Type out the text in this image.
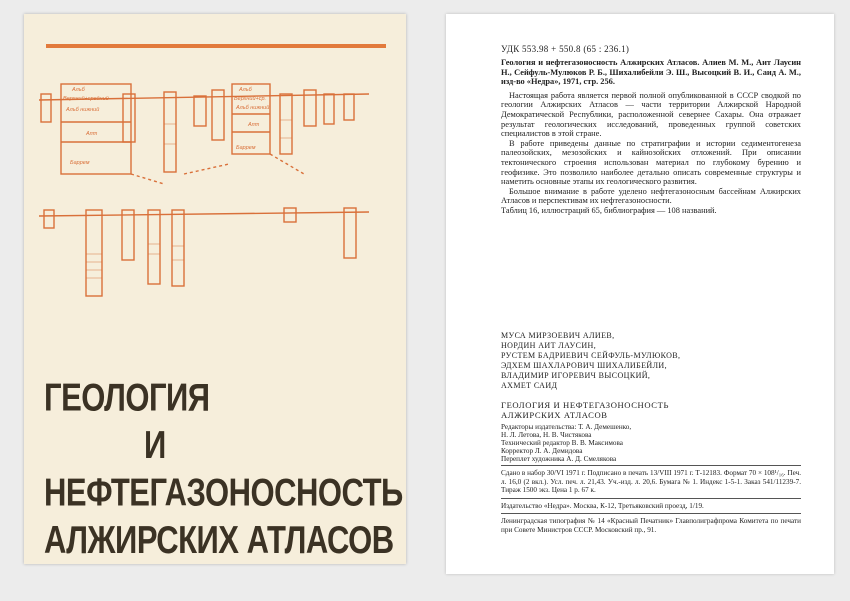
Альб
Верхний+средний
Альб нижний
Апт
Баррем
Альб
Верхний+ср.
Альб нижний
Апт
Баррем
ГЕОЛОГИЯ
И
НЕФТЕГАЗОНОСНОСТЬ
АЛЖИРСКИХ АТЛАСОВ
УДК 553.98 + 550.8 (65 : 236.1)
Геология и нефтегазоносность Алжирских Атласов. Алиев М. М., Аит Лаусин Н., Сейфуль-Мулюков Р. Б., Шихалибейли Э. Ш., Высоцкий В. И., Саид А. М., изд-во «Недра», 1971, стр. 256.

Настоящая работа является первой полной опубликованной в СССР сводкой по геологии Алжирских Атласов — части территории Алжирской Народной Демократической Республики, расположенной севернее Сахары. Она отражает результат геологических исследований, проведенных группой советских специалистов в этой стране.

В работе приведены данные по стратиграфии и истории седиментогенеза палеозойских, мезозойских и кайнозойских отложений. При описании тектонического строения использован материал по глубокому бурению и геофизике. Это позволило наиболее детально описать современные структуры и наметить основные этапы их геологического развития.

Большое внимание в работе уделено нефтегазоносным бассейнам Алжирских Атласов и перспективам их нефтегазоносности.

Таблиц 16, иллюстраций 65, библиография — 108 названий.

МУСА МИРЗОЕВИЧ АЛИЕВ,
НОРДИН АИТ ЛАУСИН,
РУСТЕМ БАДРИЕВИЧ СЕЙФУЛЬ-МУЛЮКОВ,
ЭДХЕМ ШАХЛАРОВИЧ ШИХАЛИБЕЙЛИ,
ВЛАДИМИР ИГОРЕВИЧ ВЫСОЦКИЙ,
АХМЕТ САИД
ГЕОЛОГИЯ И НЕФТЕГАЗОНОСНОСТЬ
АЛЖИРСКИХ АТЛАСОВ
Редакторы издательства: Т. А. Демешенко,
Н. Л. Летова, Н. В. Чистякова
Технический редактор В. В. Максимова
Корректор Л. А. Демидова
Переплет художника А. Д. Смелякова

Сдано в набор 30/VI 1971 г. Подписано в печать 13/VIII 1971 г. Т-12183. Формат 70 × 108¹/₁₆. Печ. л. 16,0 (2 вкл.). Усл. печ. л. 21,43. Уч.-изд. л. 20,6. Бумага № 1. Индекс 1-5-1. Заказ 541/11239-7. Тираж 1500 экз. Цена 1 р. 67 к.

Издательство «Недра». Москва, К-12, Третьяковский проезд, 1/19.

Ленинградская типография № 14 «Красный Печатник» Главполиграфпрома Комитета по печати при Совете Министров СССР. Московский пр., 91.
